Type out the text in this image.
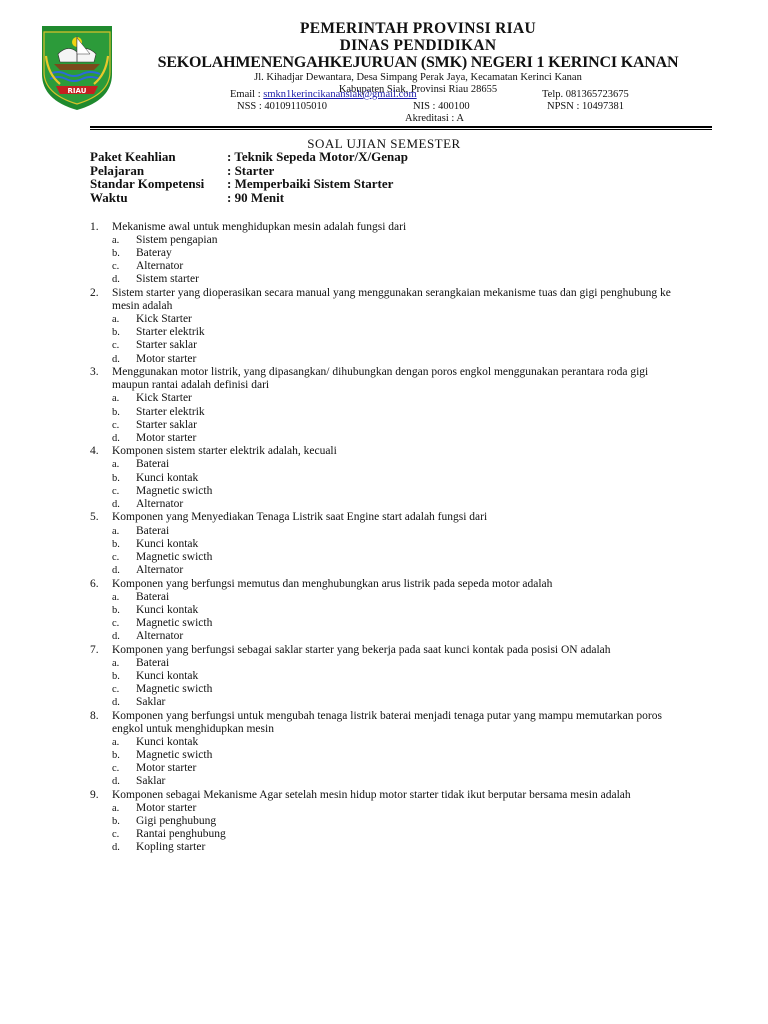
RIAU
PEMERINTAH PROVINSI RIAU
DINAS PENDIDIKAN
SEKOLAHMENENGAHKEJURUAN (SMK) NEGERI 1 KERINCI KANAN
Jl. Kihadjar Dewantara, Desa Simpang Perak Jaya, Kecamatan Kerinci Kanan
Kabupaten Siak, Provinsi Riau 28655
Email : smkn1kerincikanansiak@gmail.com	Telp. 081365723675
NSS : 401091105010	NIS : 400100	NPSN : 10497381
Akreditasi : A
SOAL UJIAN SEMESTER
Paket Keahlian	: Teknik Sepeda Motor/X/Genap
Pelajaran	: Starter
Standar Kompetensi : Memperbaiki Sistem Starter
Waktu	: 90 Menit
1. Mekanisme awal untuk menghidupkan mesin adalah fungsi dari
a. Sistem pengapian
b. Bateray
c. Alternator
d. Sistem starter
2. Sistem starter yang dioperasikan secara manual yang menggunakan serangkaian mekanisme tuas dan gigi penghubung ke mesin adalah
a. Kick Starter
b. Starter elektrik
c. Starter saklar
d. Motor starter
3. Menggunakan motor listrik, yang dipasangkan/ dihubungkan dengan poros engkol menggunakan perantara roda gigi maupun rantai adalah definisi dari
a. Kick Starter
b. Starter elektrik
c. Starter saklar
d. Motor starter
4. Komponen sistem starter elektrik adalah, kecuali
a. Baterai
b. Kunci kontak
c. Magnetic swicth
d. Alternator
5. Komponen yang Menyediakan Tenaga Listrik saat Engine start adalah fungsi dari
a. Baterai
b. Kunci kontak
c. Magnetic swicth
d. Alternator
6. Komponen yang berfungsi memutus dan menghubungkan arus listrik pada sepeda motor adalah
a. Baterai
b. Kunci kontak
c. Magnetic swicth
d. Alternator
7. Komponen yang berfungsi sebagai saklar starter yang bekerja pada saat kunci kontak pada posisi ON adalah
a. Baterai
b. Kunci kontak
c. Magnetic swicth
d. Saklar
8. Komponen yang berfungsi untuk mengubah tenaga listrik baterai menjadi tenaga putar yang mampu memutarkan poros engkol untuk menghidupkan mesin
a. Kunci kontak
b. Magnetic swicth
c. Motor starter
d. Saklar
9. Komponen sebagai Mekanisme Agar setelah mesin hidup motor starter tidak ikut berputar bersama mesin adalah
a. Motor starter
b. Gigi penghubung
c. Rantai penghubung
d. Kopling starter
